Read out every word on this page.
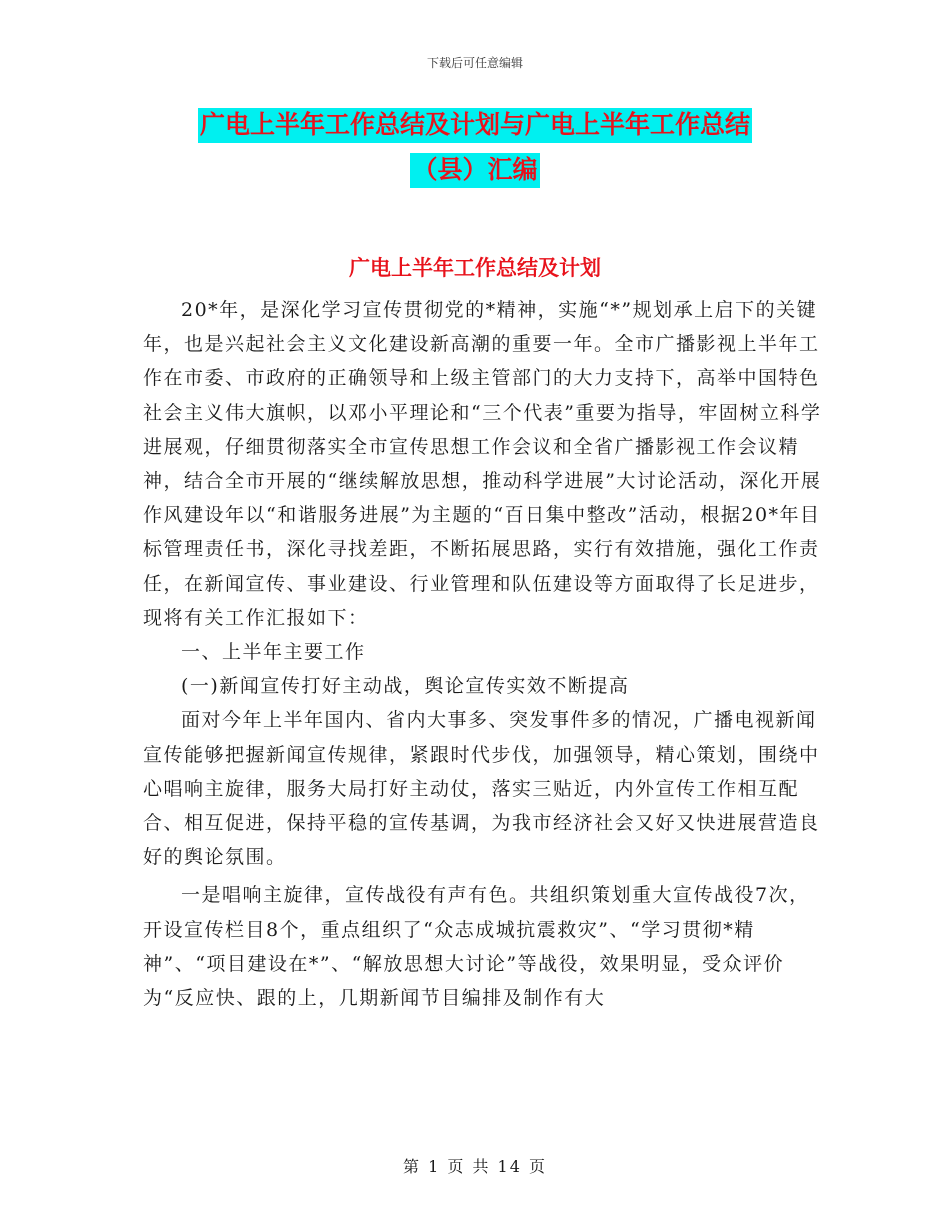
下载后可任意编辑
广电上半年工作总结及计划与广电上半年工作总结
（县）汇编
广电上半年工作总结及计划

20*年，是深化学习宣传贯彻党的*精神，实施“*”规划承上启下的关键年，也是兴起社会主义文化建设新高潮的重要一年。全市广播影视上半年工作在市委、市政府的正确领导和上级主管部门的大力支持下，高举中国特色社会主义伟大旗帜，以邓小平理论和“三个代表”重要为指导，牢固树立科学进展观，仔细贯彻落实全市宣传思想工作会议和全省广播影视工作会议精神，结合全市开展的“继续解放思想，推动科学进展”大讨论活动，深化开展作风建设年以“和谐服务进展”为主题的“百日集中整改”活动，根据20*年目标管理责任书，深化寻找差距，不断拓展思路，实行有效措施，强化工作责任，在新闻宣传、事业建设、行业管理和队伍建设等方面取得了长足进步，现将有关工作汇报如下：

一、上半年主要工作

(一)新闻宣传打好主动战，舆论宣传实效不断提高

面对今年上半年国内、省内大事多、突发事件多的情况，广播电视新闻宣传能够把握新闻宣传规律，紧跟时代步伐，加强领导，精心策划，围绕中心唱响主旋律，服务大局打好主动仗，落实三贴近，内外宣传工作相互配合、相互促进，保持平稳的宣传基调，为我市经济社会又好又快进展营造良好的舆论氛围。

一是唱响主旋律，宣传战役有声有色。共组织策划重大宣传战役7次，开设宣传栏目8个，重点组织了“众志成城抗震救灾”、“学习贯彻*精神”、“项目建设在*”、“解放思想大讨论”等战役，效果明显，受众评价为“反应快、跟的上，几期新闻节目编排及制作有大

第 1 页 共 14 页
